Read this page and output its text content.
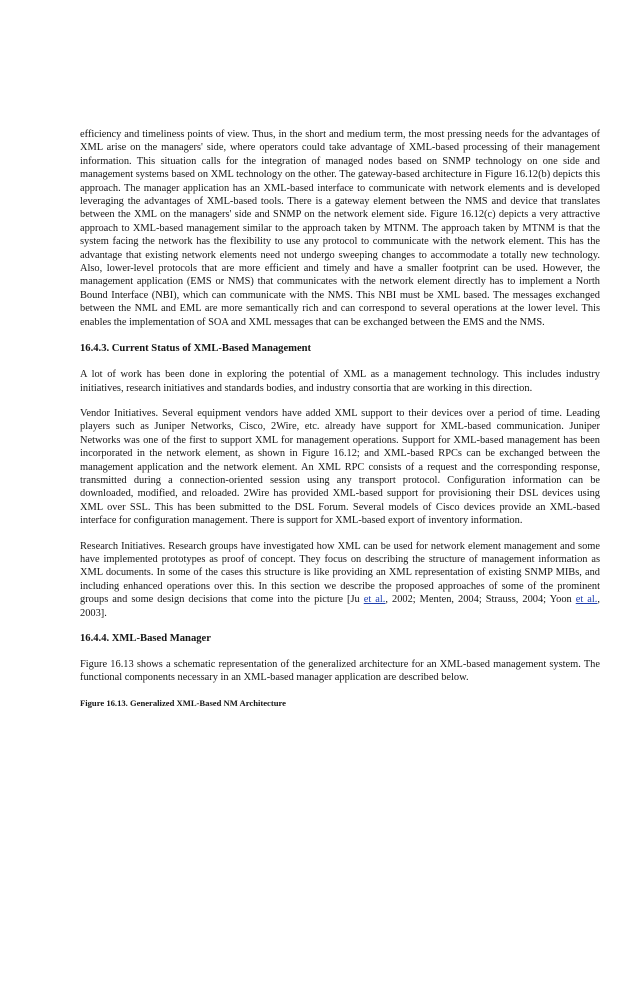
efficiency and timeliness points of view. Thus, in the short and medium term, the most pressing needs for the advantages of XML arise on the managers' side, where operators could take advantage of XML-based processing of their management information. This situation calls for the integration of managed nodes based on SNMP technology on one side and management systems based on XML technology on the other. The gateway-based architecture in Figure 16.12(b) depicts this approach. The manager application has an XML-based interface to communicate with network elements and is developed leveraging the advantages of XML-based tools. There is a gateway element between the NMS and device that translates between the XML on the managers' side and SNMP on the network element side. Figure 16.12(c) depicts a very attractive approach to XML-based management similar to the approach taken by MTNM. The approach taken by MTNM is that the system facing the network has the flexibility to use any protocol to communicate with the network element. This has the advantage that existing network elements need not undergo sweeping changes to accommodate a totally new technology. Also, lower-level protocols that are more efficient and timely and have a smaller footprint can be used. However, the management application (EMS or NMS) that communicates with the network element directly has to implement a North Bound Interface (NBI), which can communicate with the NMS. This NBI must be XML based. The messages exchanged between the NML and EML are more semantically rich and can correspond to several operations at the lower level. This enables the implementation of SOA and XML messages that can be exchanged between the EMS and the NMS.

16.4.3. Current Status of XML-Based Management

A lot of work has been done in exploring the potential of XML as a management technology. This includes industry initiatives, research initiatives and standards bodies, and industry consortia that are working in this direction.

Vendor Initiatives. Several equipment vendors have added XML support to their devices over a period of time. Leading players such as Juniper Networks, Cisco, 2Wire, etc. already have support for XML-based communication. Juniper Networks was one of the first to support XML for management operations. Support for XML-based management has been incorporated in the network element, as shown in Figure 16.12; and XML-based RPCs can be exchanged between the management application and the network element. An XML RPC consists of a request and the corresponding response, transmitted during a connection-oriented session using any transport protocol. Configuration information can be downloaded, modified, and reloaded. 2Wire has provided XML-based support for provisioning their DSL devices using XML over SSL. This has been submitted to the DSL Forum. Several models of Cisco devices provide an XML-based interface for configuration management. There is support for XML-based export of inventory information.

Research Initiatives. Research groups have investigated how XML can be used for network element management and some have implemented prototypes as proof of concept. They focus on describing the structure of management information as XML documents. In some of the cases this structure is like providing an XML representation of existing SNMP MIBs, and including enhanced operations over this. In this section we describe the proposed approaches of some of the prominent groups and some design decisions that come into the picture [Ju et al., 2002; Menten, 2004; Strauss, 2004; Yoon et al., 2003].

16.4.4. XML-Based Manager

Figure 16.13 shows a schematic representation of the generalized architecture for an XML-based management system. The functional components necessary in an XML-based manager application are described below.

Figure 16.13. Generalized XML-Based NM Architecture
